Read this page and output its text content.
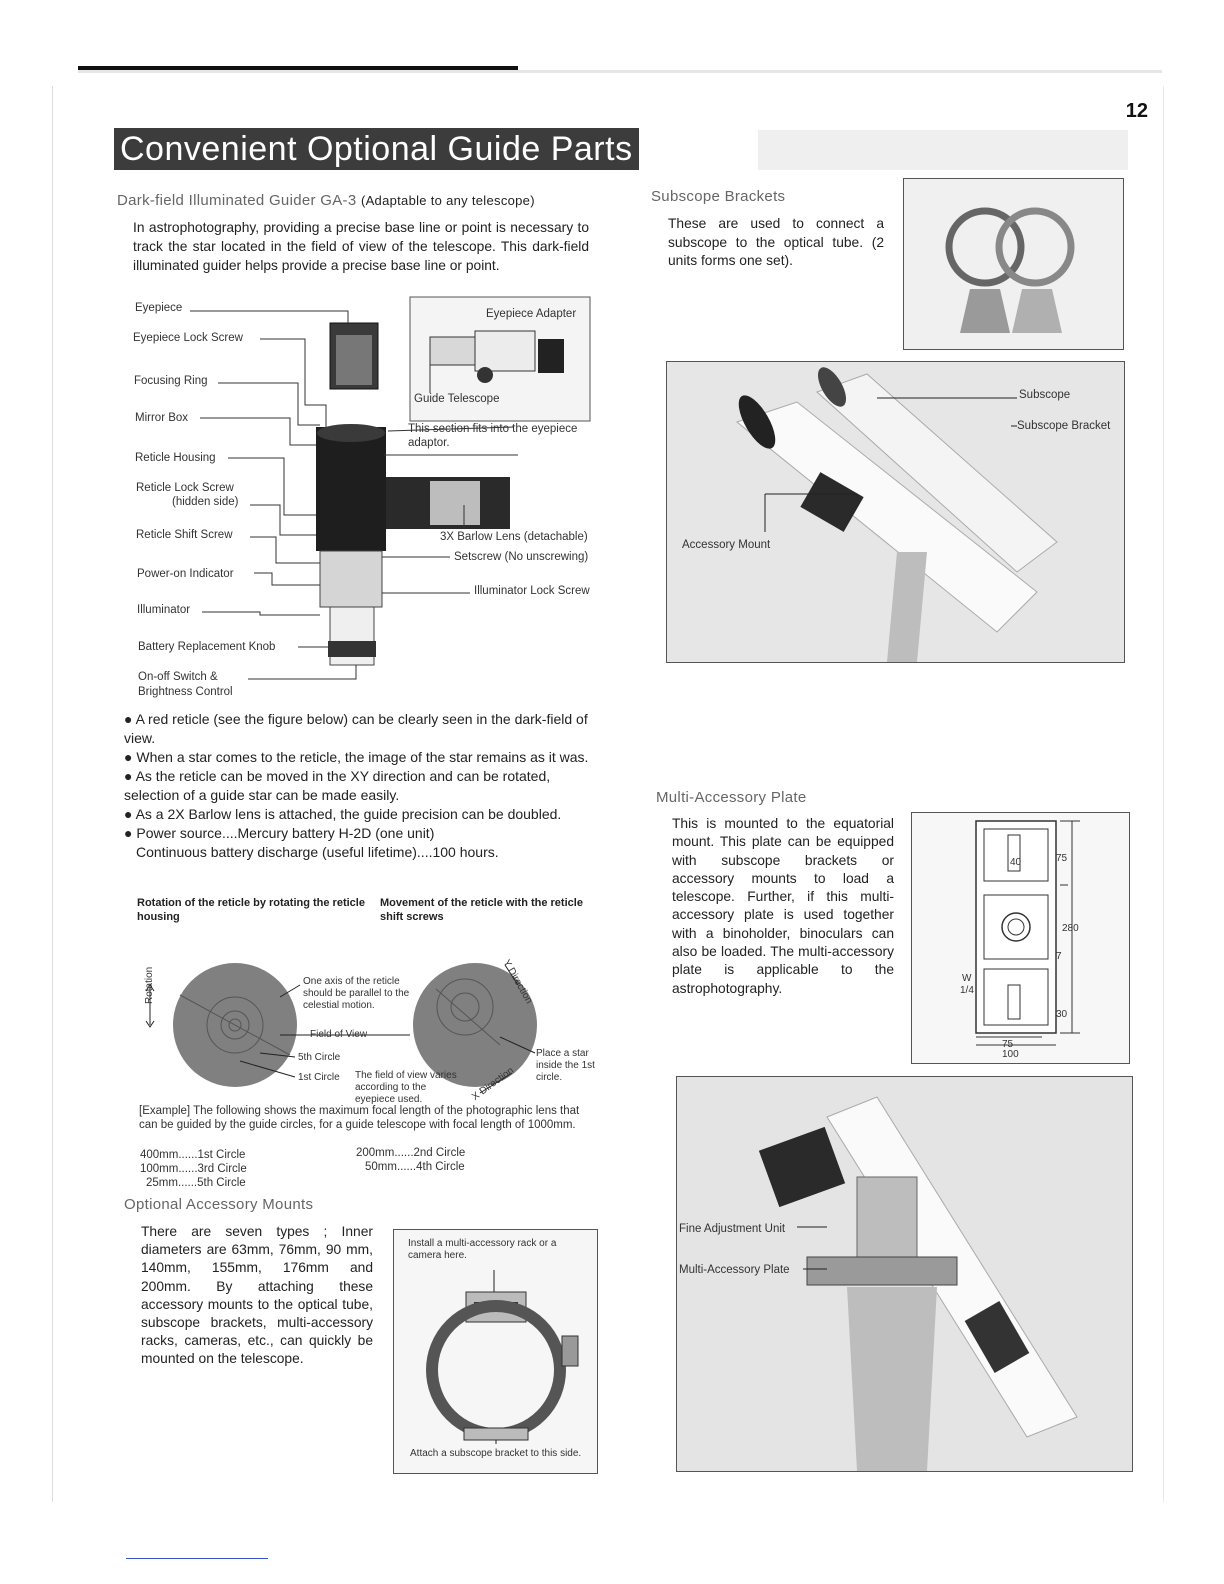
12
Convenient Optional Guide Parts
Dark-field Illuminated Guider GA-3 (Adaptable to any telescope)
In astrophotography, providing a precise base line or point is necessary to track the star located in the field of view of the telescope. This dark-field illuminated guider helps provide a precise base line or point.
Eyepiece
Eyepiece Lock Screw
Focusing Ring
Mirror Box
Reticle Housing
Reticle Lock Screw
(hidden side)
Reticle Shift Screw
Power-on Indicator
Illuminator
Battery Replacement Knob
On-off Switch &
Brightness Control
Eyepiece Adapter
Guide Telescope
This section fits into the eyepiece adaptor.
3X Barlow Lens (detachable)
Setscrew (No unscrewing)
Illuminator Lock Screw
● A red reticle (see the figure below) can be clearly seen in the dark-field of view.
● When a star comes to the reticle, the image of the star remains as it was.
● As the reticle can be moved in the XY direction and can be rotated, selection of a guide star can be made easily.
● As a 2X Barlow lens is attached, the guide precision can be doubled.
● Power source....Mercury battery H-2D (one unit)
Continuous battery discharge (useful lifetime)....100 hours.
Rotation of the reticle by rotating the reticle housing
Movement of the reticle with the reticle shift screws
Rotation	One axis of the reticle should be parallel to the celestial motion.
Field of View
5th Circle
1st Circle The field of view varies according to the eyepiece used.
Y Direction
X Direction
Place a star inside the 1st circle.
[Example] The following shows the maximum focal length of the photographic lens that can be guided by the guide circles, for a guide telescope with focal length of 1000mm.
400mm......1st Circle	200mm......2nd Circle
100mm......3rd Circle	50mm......4th Circle
25mm......5th Circle
Optional Accessory Mounts
There are seven types ; Inner diameters are 63mm, 76mm, 90 mm, 140mm, 155mm, 176mm and 200mm. By attaching these accessory mounts to the optical tube, subscope brackets, multi-accessory racks, cameras, etc., can quickly be mounted on the telescope.
Install a multi-accessory rack or a camera here.
Attach a subscope bracket to this side.
Subscope Brackets
These are used to connect a subscope to the optical tube. (2 units forms one set).
Subscope
Subscope Bracket
Accessory Mount
Multi-Accessory Plate
This is mounted to the equatorial mount. This plate can be equipped with subscope brackets or accessory mounts to load a telescope. Further, if this multi-accessory plate is used together with a binoholder, binoculars can also be loaded. The multi-accessory plate is applicable to the astrophotography.
40	75
280
7
30
75
100
W
1/4
Fine Adjustment Unit
Multi-Accessory Plate
